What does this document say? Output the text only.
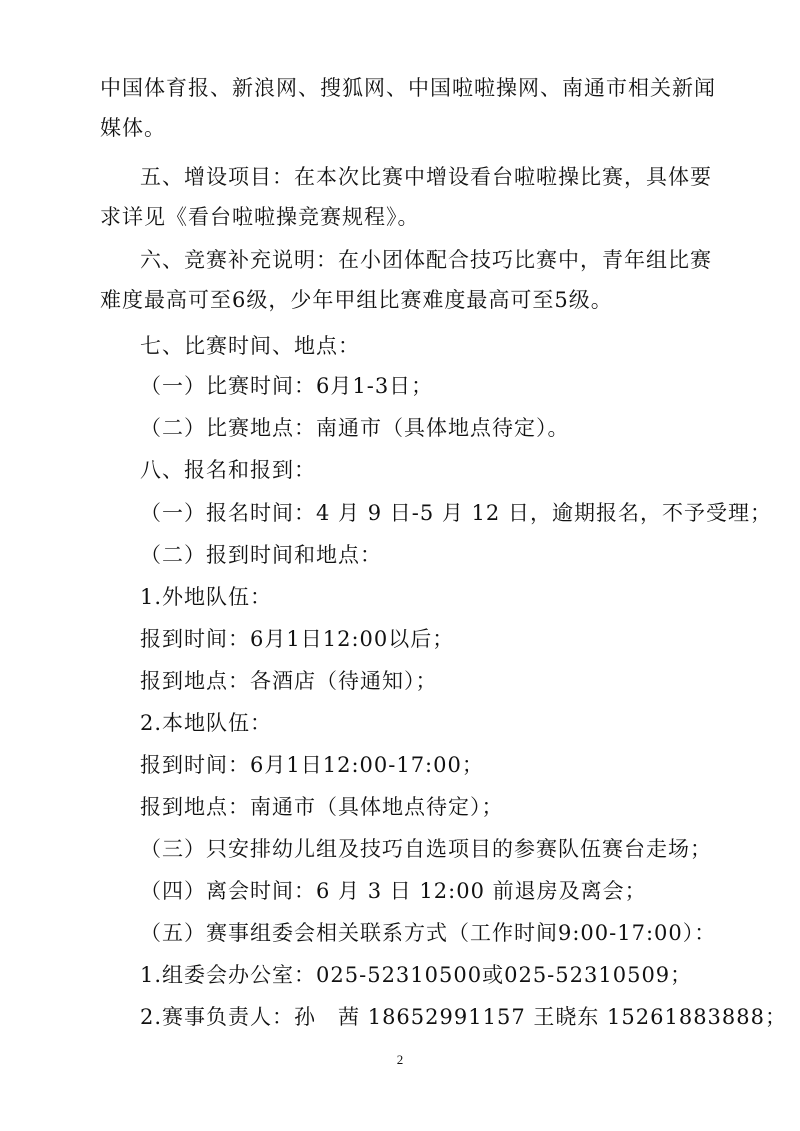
中国体育报、新浪网、搜狐网、中国啦啦操网、南通市相关新闻
媒体。
五、增设项目：在本次比赛中增设看台啦啦操比赛，具体要
求详见《看台啦啦操竞赛规程》。
六、竞赛补充说明：在小团体配合技巧比赛中，青年组比赛
难度最高可至6级，少年甲组比赛难度最高可至5级。
七、比赛时间、地点：
（一）比赛时间：6月1-3日；
（二）比赛地点：南通市（具体地点待定）。
八、报名和报到：
（一）报名时间：4 月 9 日-5 月 12 日，逾期报名，不予受理；
（二）报到时间和地点：
1.外地队伍：
报到时间：6月1日12:00以后；
报到地点：各酒店（待通知）；
2.本地队伍：
报到时间：6月1日12:00-17:00；
报到地点：南通市（具体地点待定）；
（三）只安排幼儿组及技巧自选项目的参赛队伍赛台走场；
（四）离会时间：6 月 3 日 12:00 前退房及离会；
（五）赛事组委会相关联系方式（工作时间9:00-17:00）：
1.组委会办公室：025-52310500或025-52310509；
2.赛事负责人：孙　茜 18652991157 王晓东 15261883888；
2
